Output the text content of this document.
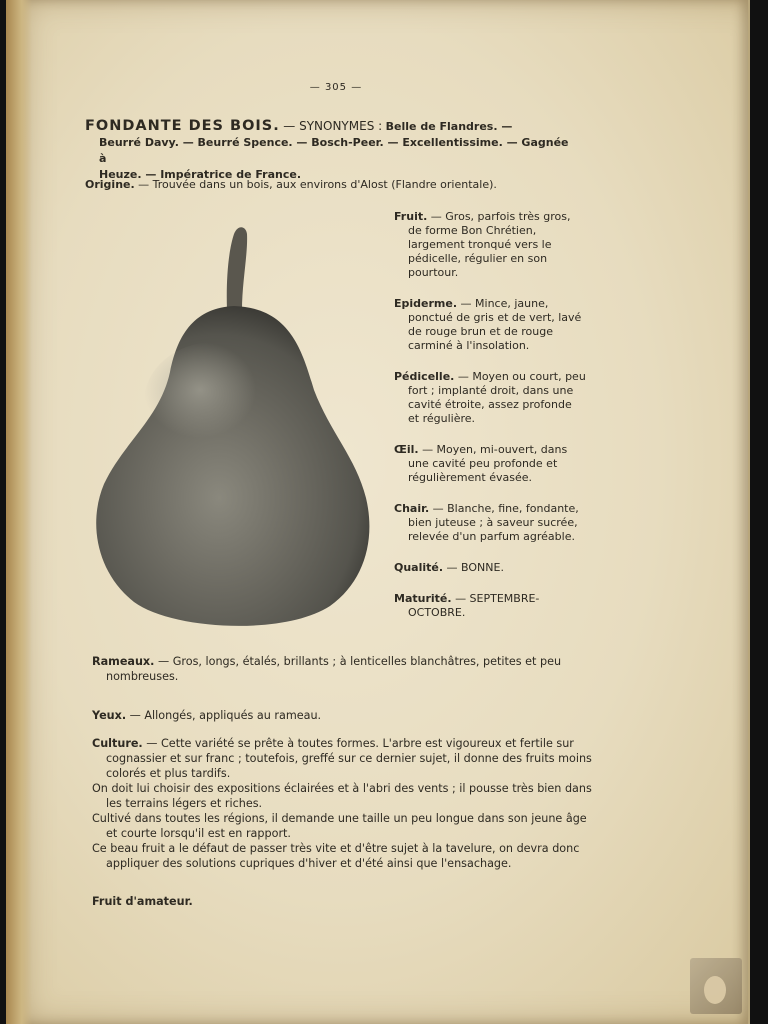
— 305 —
FONDANTE DES BOIS. — SYNONYMES : Belle de Flandres. —
Beurré Davy. — Beurré Spence. — Bosch-Peer. — Excellentissime. — Gagnée à
Heuze. — Impératrice de France.
Origine. — Trouvée dans un bois, aux environs d'Alost (Flandre orientale).
Fruit. — Gros, parfois très gros, de forme Bon Chrétien, largement tronqué vers le pédicelle, régulier en son pourtour.
Epiderme. — Mince, jaune, ponctué de gris et de vert, lavé de rouge brun et de rouge carminé à l'insolation.
Pédicelle. — Moyen ou court, peu fort ; implanté droit, dans une cavité étroite, assez profonde et régulière.
Œil. — Moyen, mi-ouvert, dans une cavité peu profonde et régulièrement évasée.
Chair. — Blanche, fine, fondante, bien juteuse ; à saveur sucrée, relevée d'un parfum agréable.
Qualité. — BONNE.
Maturité. — SEPTEMBRE-OCTOBRE.
Rameaux. — Gros, longs, étalés, brillants ; à lenticelles blanchâtres, petites et peu nombreuses.
Yeux. — Allongés, appliqués au rameau.
Culture. — Cette variété se prête à toutes formes. L'arbre est vigoureux et fertile sur cognassier et sur franc ; toutefois, greffé sur ce dernier sujet, il donne des fruits moins colorés et plus tardifs.
On doit lui choisir des expositions éclairées et à l'abri des vents ; il pousse très bien dans les terrains légers et riches.
Cultivé dans toutes les régions, il demande une taille un peu longue dans son jeune âge et courte lorsqu'il est en rapport.
Ce beau fruit a le défaut de passer très vite et d'être sujet à la tavelure, on devra donc appliquer des solutions cupriques d'hiver et d'été ainsi que l'ensachage.
Fruit d'amateur.
